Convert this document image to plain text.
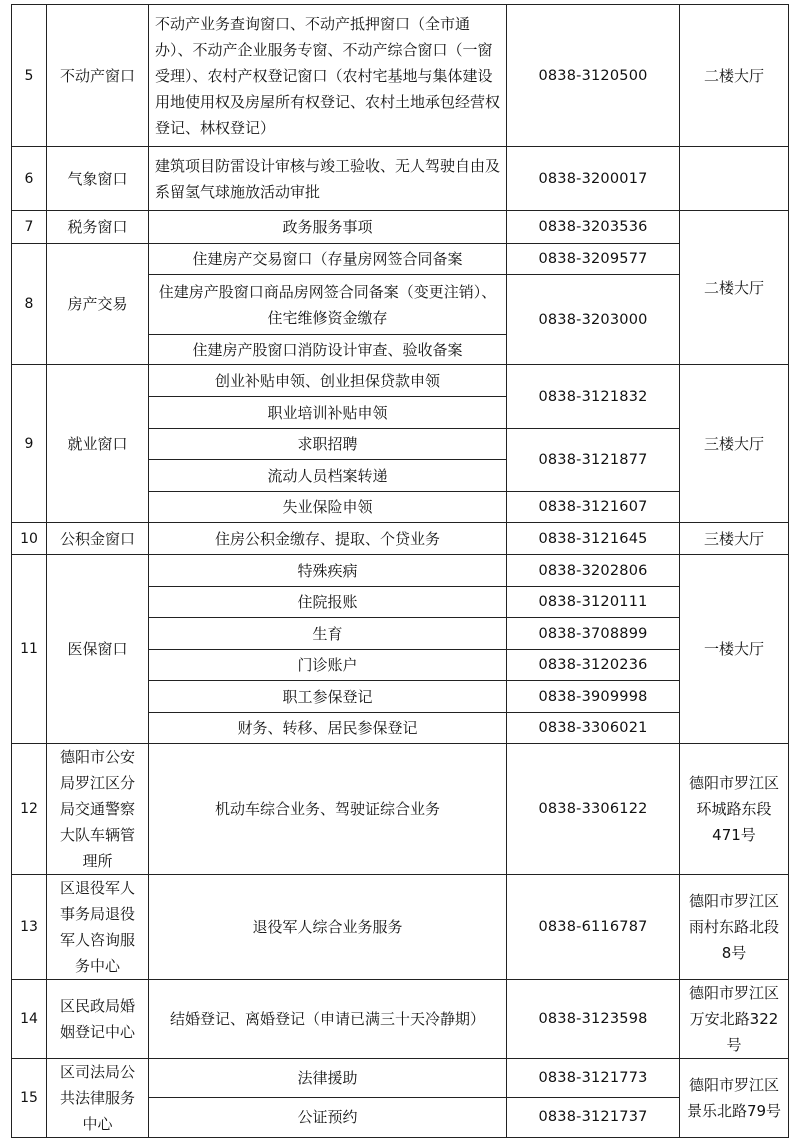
5	不动产窗口	不动产业务查询窗口、不动产抵押窗口（全市通办）、不动产企业服务专窗、不动产综合窗口（一窗受理）、农村产权登记窗口（农村宅基地与集体建设用地使用权及房屋所有权登记、农村土地承包经营权登记、林权登记）	0838-3120500	二楼大厅
6	气象窗口	建筑项目防雷设计审核与竣工验收、无人驾驶自由及系留氢气球施放活动审批	0838-3200017	
7	税务窗口	政务服务事项	0838-3203536	二楼大厅
8	房产交易	住建房产交易窗口（存量房网签合同备案	0838-3209577	
		住建房产股窗口商品房网签合同备案（变更注销）、住宅维修资金缴存	0838-3203000	
		住建房产股窗口消防设计审查、验收备案		
9	就业窗口	创业补贴申领、创业担保贷款申领	0838-3121832	三楼大厅
		职业培训补贴申领		
		求职招聘	0838-3121877	
		流动人员档案转递		
		失业保险申领	0838-3121607	
10	公积金窗口	住房公积金缴存、提取、个贷业务	0838-3121645	三楼大厅
11	医保窗口	特殊疾病	0838-3202806	一楼大厅
		住院报账	0838-3120111	
		生育	0838-3708899	
		门诊账户	0838-3120236	
		职工参保登记	0838-3909998	
		财务、转移、居民参保登记	0838-3306021	
12	德阳市公安局罗江区分局交通警察大队车辆管理所	机动车综合业务、驾驶证综合业务	0838-3306122	德阳市罗江区环城路东段471号
13	区退役军人事务局退役军人咨询服务中心	退役军人综合业务服务	0838-6116787	德阳市罗江区雨村东路北段8号
14	区民政局婚姻登记中心	结婚登记、离婚登记（申请已满三十天冷静期）	0838-3123598	德阳市罗江区万安北路322号
15	区司法局公共法律服务中心	法律援助	0838-3121773	德阳市罗江区景乐北路79号
		公证预约	0838-3121737	
